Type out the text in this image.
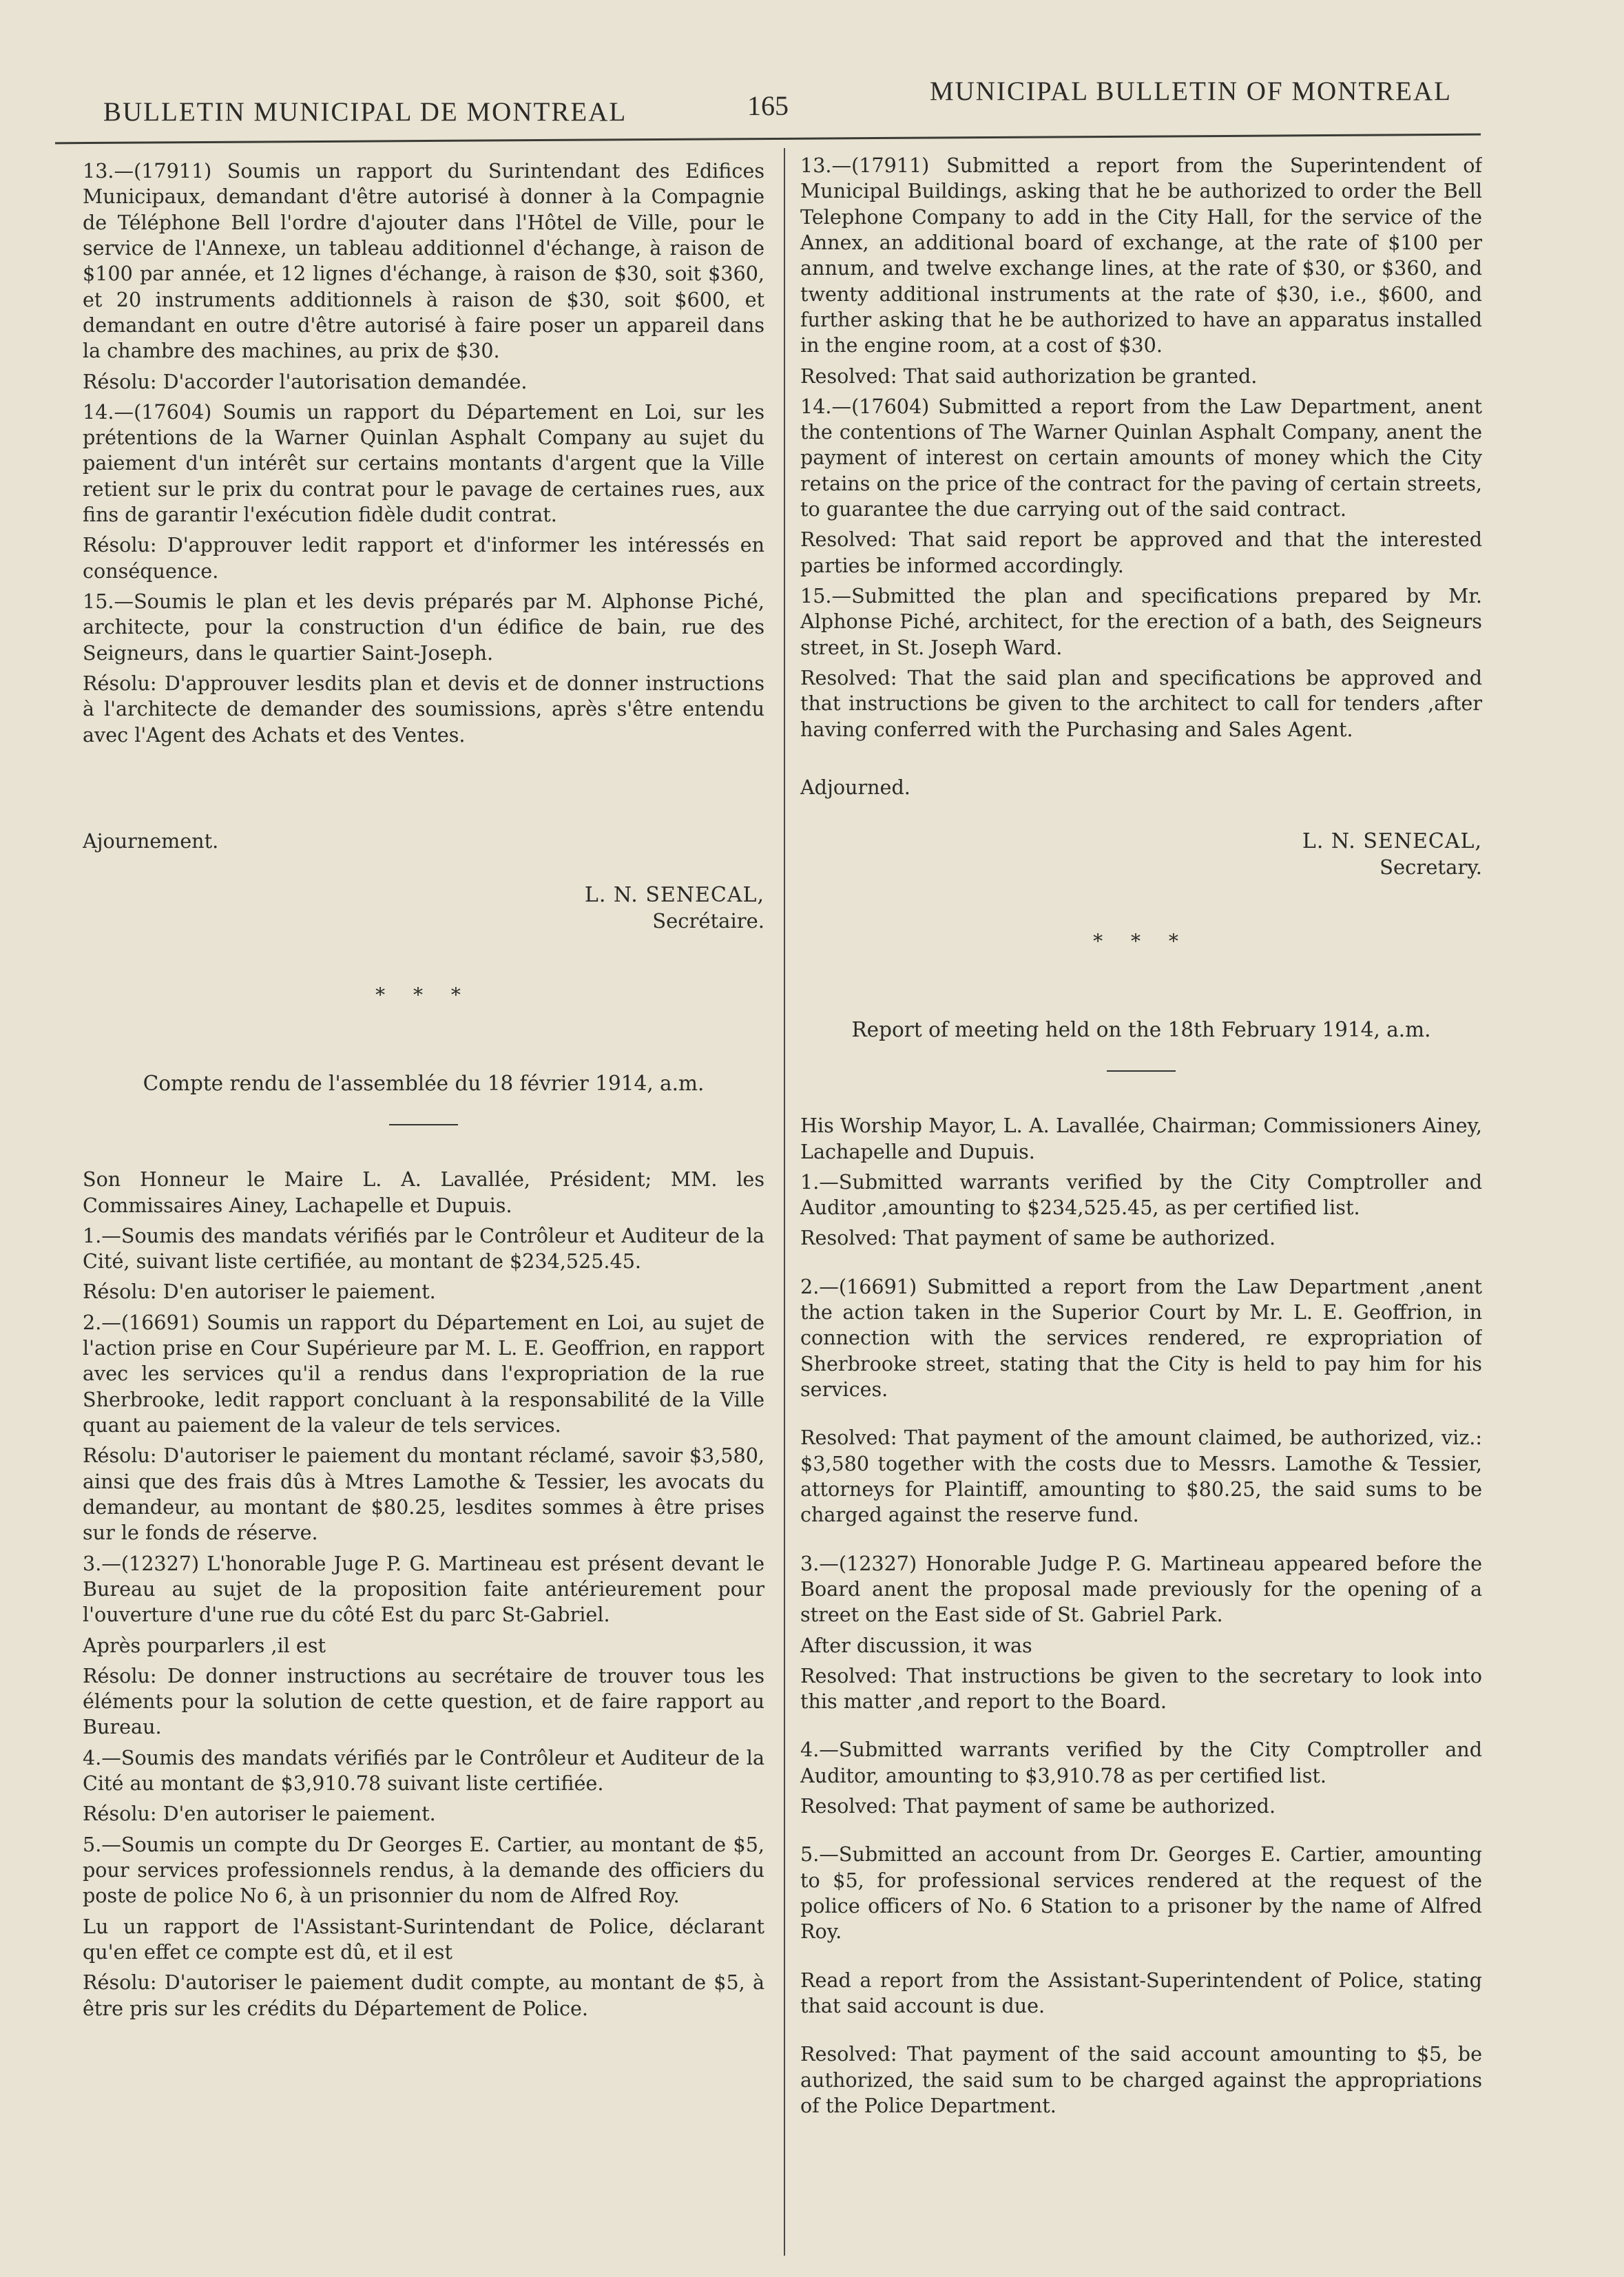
BULLETIN MUNICIPAL DE MONTREAL	165	MUNICIPAL BULLETIN OF MONTREAL

13.—(17911) Soumis un rapport du Surintendant des Edifices Municipaux, demandant d'être autorisé à donner à la Compagnie de Téléphone Bell l'ordre d'ajouter dans l'Hôtel de Ville, pour le service de l'Annexe, un tableau additionnel d'échange, à raison de $100 par année, et 12 lignes d'échange, à raison de $30, soit $360, et 20 instruments additionnels à raison de $30, soit $600, et demandant en outre d'être autorisé à faire poser un appareil dans la chambre des machines, au prix de $30.

Résolu: D'accorder l'autorisation demandée.

14.—(17604) Soumis un rapport du Département en Loi, sur les prétentions de la Warner Quinlan Asphalt Company au sujet du paiement d'un intérêt sur certains montants d'argent que la Ville retient sur le prix du contrat pour le pavage de certaines rues, aux fins de garantir l'exécution fidèle dudit contrat.

Résolu: D'approuver ledit rapport et d'informer les intéressés en conséquence.

15.—Soumis le plan et les devis préparés par M. Alphonse Piché, architecte, pour la construction d'un édifice de bain, rue des Seigneurs, dans le quartier Saint-Joseph.

Résolu: D'approuver lesdits plan et devis et de donner instructions à l'architecte de demander des soumissions, après s'être entendu avec l'Agent des Achats et des Ventes.

Ajournement.

L. N. SENECAL,
Secrétaire.
* * *
Compte rendu de l'assemblée du 18 février 1914, a.m.

Son Honneur le Maire L. A. Lavallée, Président; MM. les Commissaires Ainey, Lachapelle et Dupuis.

1.—Soumis des mandats vérifiés par le Contrôleur et Auditeur de la Cité, suivant liste certifiée, au montant de $234,525.45.

Résolu: D'en autoriser le paiement.

2.—(16691) Soumis un rapport du Département en Loi, au sujet de l'action prise en Cour Supérieure par M. L. E. Geoffrion, en rapport avec les services qu'il a rendus dans l'expropriation de la rue Sherbrooke, ledit rapport concluant à la responsabilité de la Ville quant au paiement de la valeur de tels services.

Résolu: D'autoriser le paiement du montant réclamé, savoir $3,580, ainsi que des frais dûs à Mtres Lamothe & Tessier, les avocats du demandeur, au montant de $80.25, lesdites sommes à être prises sur le fonds de réserve.

3.—(12327) L'honorable Juge P. G. Martineau est présent devant le Bureau au sujet de la proposition faite antérieurement pour l'ouverture d'une rue du côté Est du parc St-Gabriel.

Après pourparlers ,il est

Résolu: De donner instructions au secrétaire de trouver tous les éléments pour la solution de cette question, et de faire rapport au Bureau.

4.—Soumis des mandats vérifiés par le Contrôleur et Auditeur de la Cité au montant de $3,910.78 suivant liste certifiée.

Résolu: D'en autoriser le paiement.

5.—Soumis un compte du Dr Georges E. Cartier, au montant de $5, pour services professionnels rendus, à la demande des officiers du poste de police No 6, à un prisonnier du nom de Alfred Roy.

Lu un rapport de l'Assistant-Surintendant de Police, déclarant qu'en effet ce compte est dû, et il est

Résolu: D'autoriser le paiement dudit compte, au montant de $5, à être pris sur les crédits du Département de Police.

13.—(17911) Submitted a report from the Superintendent of Municipal Buildings, asking that he be authorized to order the Bell Telephone Company to add in the City Hall, for the service of the Annex, an additional board of exchange, at the rate of $100 per annum, and twelve exchange lines, at the rate of $30, or $360, and twenty additional instruments at the rate of $30, i.e., $600, and further asking that he be authorized to have an apparatus installed in the engine room, at a cost of $30.

Resolved: That said authorization be granted.

14.—(17604) Submitted a report from the Law Department, anent the contentions of The Warner Quinlan Asphalt Company, anent the payment of interest on certain amounts of money which the City retains on the price of the contract for the paving of certain streets, to guarantee the due carrying out of the said contract.

Resolved: That said report be approved and that the interested parties be informed accordingly.

15.—Submitted the plan and specifications prepared by Mr. Alphonse Piché, architect, for the erection of a bath, des Seigneurs street, in St. Joseph Ward.

Resolved: That the said plan and specifications be approved and that instructions be given to the architect to call for tenders ,after having conferred with the Purchasing and Sales Agent.

Adjourned.

L. N. SENECAL,
Secretary.
* * *
Report of meeting held on the 18th February 1914, a.m.

His Worship Mayor, L. A. Lavallée, Chairman; Commissioners Ainey, Lachapelle and Dupuis.

1.—Submitted warrants verified by the City Comptroller and Auditor ,amounting to $234,525.45, as per certified list.

Resolved: That payment of same be authorized.

2.—(16691) Submitted a report from the Law Department ,anent the action taken in the Superior Court by Mr. L. E. Geoffrion, in connection with the services rendered, re expropriation of Sherbrooke street, stating that the City is held to pay him for his services.

Resolved: That payment of the amount claimed, be authorized, viz.: $3,580 together with the costs due to Messrs. Lamothe & Tessier, attorneys for Plaintiff, amounting to $80.25, the said sums to be charged against the reserve fund.

3.—(12327) Honorable Judge P. G. Martineau appeared before the Board anent the proposal made previously for the opening of a street on the East side of St. Gabriel Park.

After discussion, it was

Resolved: That instructions be given to the secretary to look into this matter ,and report to the Board.

4.—Submitted warrants verified by the City Comptroller and Auditor, amounting to $3,910.78 as per certified list.

Resolved: That payment of same be authorized.

5.—Submitted an account from Dr. Georges E. Cartier, amounting to $5, for professional services rendered at the request of the police officers of No. 6 Station to a prisoner by the name of Alfred Roy.

Read a report from the Assistant-Superintendent of Police, stating that said account is due.

Resolved: That payment of the said account amounting to $5, be authorized, the said sum to be charged against the appropriations of the Police Department.
